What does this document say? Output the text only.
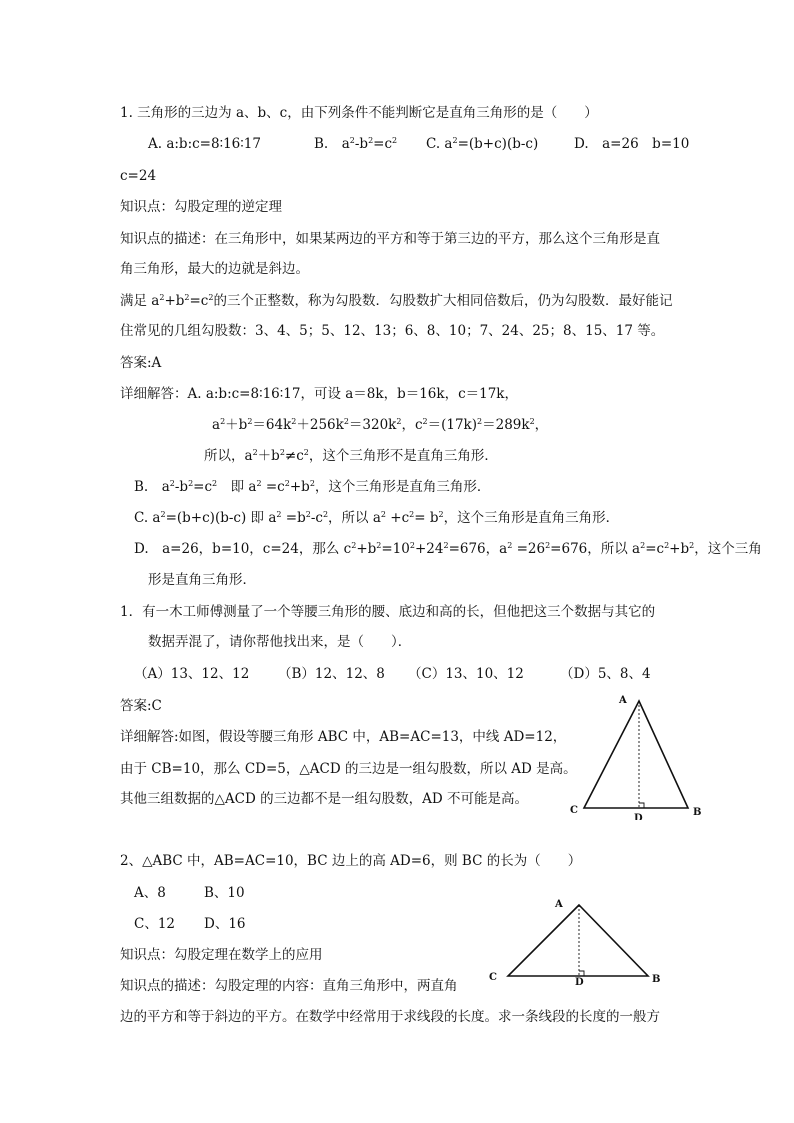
1. 三角形的三边为 a、b、c，由下列条件不能判断它是直角三角形的是（　　）
A. a:b:c=8∶16∶17	B.　$a^2-b^2=c^2$ C. $a^2=(b+c)(b-c)$	D.　a=26　b=10
c=24
知识点：勾股定理的逆定理
知识点的描述：在三角形中，如果某两边的平方和等于第三边的平方，那么这个三角形是直
角三角形，最大的边就是斜边。
满足 $a^2+b^2=c^2$的三个正整数，称为勾股数．勾股数扩大相同倍数后，仍为勾股数．最好能记
住常见的几组勾股数：3、4、5；5、12、13；6、8、10；7、24、25；8、15、17 等。
答案:A
详细解答：A. a:b:c=8∶16∶17，可设 a＝8k，b＝16k，c＝17k，
$a^2+b^2=64k^2+256k^2=320k^2$，$c^2=(17k)^2=289k^2$，
所以，$a^2+b^2\ne c^2$，这个三角形不是直角三角形．
B.　$a^2-b^2=c^2$　即 $a^2 =c^2+b^2$，这个三角形是直角三角形．
C. $a^2=(b+c)(b-c)$ 即 $a^2 =b^2-c^2$，所以 $a^2 +c^2= b^2$，这个三角形是直角三角形．
D.　a=26，b=10，c=24，那么 $c^2+b^2=10^2+24^2=676$，$a^2 =26^2=676$，所以 $a^2=c^2+b^2$，这个三角
形是直角三角形．
1．有一木工师傅测量了一个等腰三角形的腰、底边和高的长，但他把这三个数据与其它的
数据弄混了，请你帮他找出来，是（　　）．
（A）13、12、12 （B）12、12、8 （C）13、10、12	（D）5、8、4
答案:C
详细解答:如图，假设等腰三角形 ABC 中，AB=AC=13，中线 AD=12，
由于 CB=10，那么 CD=5，△ACD 的三边是一组勾股数，所以 AD 是高。
其他三组数据的△ACD 的三边都不是一组勾股数，AD 不可能是高。
A
C	B
D
2、△ABC 中，AB=AC=10，BC 边上的高 AD=6，则 BC 的长为（　　）
A、8	B、10
C、12 D、16
知识点：勾股定理在数学上的应用
知识点的描述：勾股定理的内容：直角三角形中，两直角
边的平方和等于斜边的平方。在数学中经常用于求线段的长度。求一条线段的长度的一般方
A
C	B
D
